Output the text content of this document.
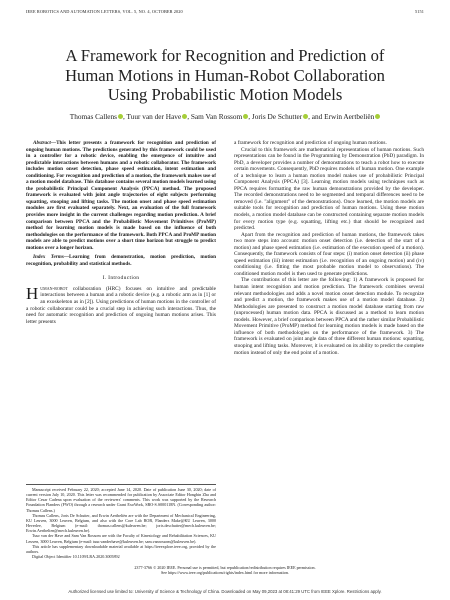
IEEE ROBOTICS AND AUTOMATION LETTERS, VOL. 5, NO. 4, OCTOBER 2020	5151
A Framework for Recognition and Prediction of
Human Motions in Human-Robot Collaboration
Using Probabilistic Motion Models
Thomas Callens , Tuur van der Have , Sam Van Rossom , Joris De Schutter , and Erwin Aertbeliën

Abstract—This letter presents a framework for recognition and prediction of ongoing human motions. The predictions generated by this framework could be used in a controller for a robotic device, enabling the emergence of intuitive and predictable interactions between humans and a robotic collaborator. The framework includes motion onset detection, phase speed estimation, intent estimation and conditioning. For recognition and prediction of a motion, the framework makes use of a motion model database. This database contains several motion models learned using the probabilistic Principal Component Analysis (PPCA) method. The proposed framework is evaluated with joint angle trajectories of eight subjects performing squatting, stooping and lifting tasks. The motion onset and phase speed estimation modules are first evaluated separately. Next, an evaluation of the full framework provides more insight in the current challenges regarding motion prediction. A brief comparison between PPCA and the Probabilistic Movement Primitives (ProMP) method for learning motion models is made based on the influence of both methodologies on the performance of the framework. Both PPCA and ProMP motion models are able to predict motions over a short time horizon but struggle to predict motions over a longer horizon.

Index Terms—Learning from demonstration, motion prediction, motion recognition, probability and statistical methods.

I. Introduction

Human-robot collaboration (HRC) focuses on intuitive and predictable interactions between a human and a robotic device (e.g. a robotic arm as in [1] or an exoskeleton as in [2]). Using predictions of human motions in the controller of a robotic collaborator could be a crucial step in achieving such interactions. Thus, the need for automatic recognition and prediction of ongoing human motions arises. This letter presents

Manuscript received February 22, 2020; accepted June 14, 2020. Date of publication June 30, 2020; date of current version July 10, 2020. This letter was recommended for publication by Associate Editor Hongbin Zha and Editor Cesar Cadena upon evaluation of the reviewers' comments. This work was supported by the Research Foundation Flanders (FWO) through a research under Grant ExoWork, SBO-S.S000118N. (Corresponding author: Thomas Callens.)

Thomas Callens, Joris De Schutter, and Erwin Aertbeliën are with the Department of Mechanical Engineering, KU Leuven, 3000 Leuven, Belgium, and also with the Core Lab ROB, Flanders Make@KU Leuven, 3000 Heverlee, Belgium (e-mail: thomas.callens@kuleuven.be; joris.deschutter@mech.kuleuven.be; Erwin.Aertbelien@mech.kuleuven.be).

Tuur van der Have and Sam Van Rossom are with the Faculty of Kinesiology and Rehabilitation Sciences, KU Leuven, 3000 Leuven, Belgium (e-mail: tuur.vanderhave@kuleuven.be; sam.vanrossom@kuleuven.be).

This article has supplementary downloadable material available at https://ieeexplore.ieee.org, provided by the authors.

Digital Object Identifier 10.1109/LRA.2020.3005892

a framework for recognition and prediction of ongoing human motions.

Crucial to this framework are mathematical representations of human motions. Such representations can be found in the Programming by Demonstration (PbD) paradigm. In PbD, a developer provides a number of demonstrations to teach a robot how to execute certain movements. Consequently, PbD requires models of human motion. One example of a technique to learn a human motion model makes use of probabilistic Principal Component Analysis (PPCA) [3]. Learning motion models using techniques such as PPCA requires formatting the raw human demonstrations provided by the developer. The recorded demonstrations need to be segmented and temporal differences need to be removed (i.e. "alignment" of the demonstrations). Once learned, the motion models are suitable tools for recognition and prediction of human motions. Using these motion models, a motion model database can be constructed containing separate motion models for every motion type (e.g. squatting, lifting etc.) that should be recognized and predicted.

Apart from the recognition and prediction of human motions, the framework takes two more steps into account: motion onset detection (i.e. detection of the start of a motion) and phase speed estimation (i.e. estimation of the execution speed of a motion). Consequently, the framework consists of four steps: (i) motion onset detection (ii) phase speed estimation (iii) intent estimation (i.e. recognition of an ongoing motion) and (iv) conditioning (i.e. fitting the most probable motion model to observations). The conditioned motion model is then used to generate predictions.

The contributions of this letter are the following: 1) A framework is proposed for human intent recognition and motion prediction. The framework combines several relevant methodologies and adds a novel motion onset detection module. To recognize and predict a motion, the framework makes use of a motion model database. 2) Methodologies are presented to construct a motion model database starting from raw (unprocessed) human motion data. PPCA is discussed as a method to learn motion models. However, a brief comparison between PPCA and the rather similar Probabilistic Movement Primitive (ProMP) method for learning motion models is made based on the influence of both methodologies on the performance of the framework. 3) The framework is evaluated on joint angle data of three different human motions: squatting, stooping and lifting tasks. Moreover, it is evaluated on its ability to predict the complete motion instead of only the end point of a motion.

2377-3766 © 2020 IEEE. Personal use is permitted, but republication/redistribution requires IEEE permission.
See https://www.ieee.org/publications/rights/index.html for more information.
Authorized licensed use limited to: University of Science & Technology of China. Downloaded on May 09,2023 at 08:41:29 UTC from IEEE Xplore. Restrictions apply.
